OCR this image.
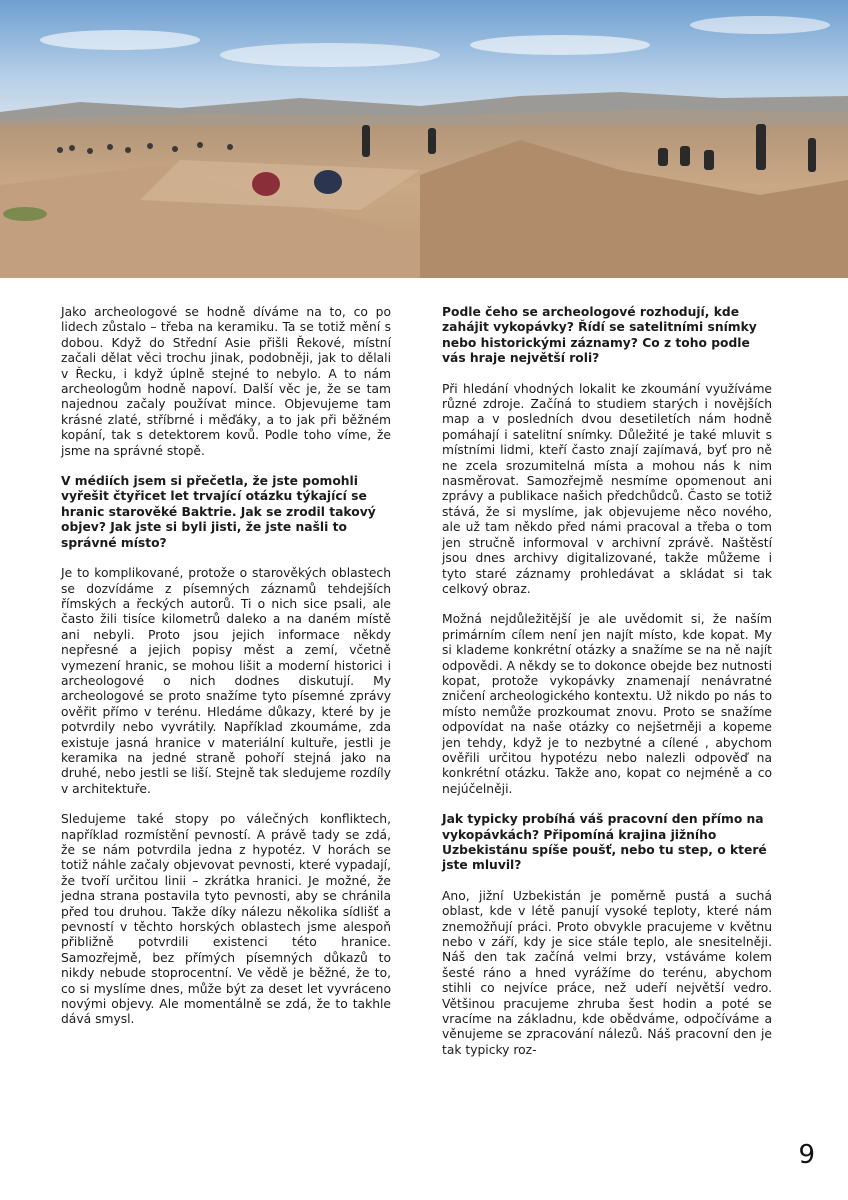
Jako archeologové se hodně díváme na to, co po lidech zůstalo – třeba na keramiku. Ta se totiž mění s dobou. Když do Střední Asie přišli Řekové, místní začali dělat věci trochu jinak, podobněji, jak to dělali v Řecku, i když úplně stejné to nebylo. A to nám archeologům hodně napoví. Další věc je, že se tam najednou začaly používat mince. Objevujeme tam krásné zlaté, stříbrné i měďáky, a to jak při běžném kopání, tak s detektorem kovů. Podle toho víme, že jsme na správné stopě.

V médiích jsem si přečetla, že jste pomohli vyřešit čtyřicet let trvající otázku týkající se hranic starověké Baktrie. Jak se zrodil takový objev? Jak jste si byli jisti, že jste našli to správné místo?

Je to komplikované, protože o starověkých oblastech se dozvídáme z písemných záznamů tehdejších římských a řeckých autorů. Ti o nich sice psali, ale často žili tisíce kilometrů daleko a na daném místě ani nebyli. Proto jsou jejich informace někdy nepřesné a jejich popisy měst a zemí, včetně vymezení hranic, se mohou lišit a moderní historici i archeologové o nich dodnes diskutují. My archeologové se proto snažíme tyto písemné zprávy ověřit přímo v terénu. Hledáme důkazy, které by je potvrdily nebo vyvrátily. Například zkoumáme, zda existuje jasná hranice v materiální kultuře, jestli je keramika na jedné straně pohoří stejná jako na druhé, nebo jestli se liší. Stejně tak sledujeme rozdíly v architektuře.

Sledujeme také stopy po válečných konfliktech, například rozmístění pevností. A právě tady se zdá, že se nám potvrdila jedna z hypotéz. V horách se totiž náhle začaly objevovat pevnosti, které vypadají, že tvoří určitou linii – zkrátka hranici. Je možné, že jedna strana postavila tyto pevnosti, aby se chránila před tou druhou. Takže díky nálezu několika sídlišť a pevností v těchto horských oblastech jsme alespoň přibližně potvrdili existenci této hranice. Samozřejmě, bez přímých písemných důkazů to nikdy nebude stoprocentní. Ve vědě je běžné, že to, co si myslíme dnes, může být za deset let vyvráceno novými objevy. Ale momentálně se zdá, že to takhle dává smysl.

Podle čeho se archeologové rozhodují, kde zahájit vykopávky? Řídí se satelitními snímky nebo historickými záznamy? Co z toho podle vás hraje největší roli?

Při hledání vhodných lokalit ke zkoumání využíváme různé zdroje. Začíná to studiem starých i novějších map a v posledních dvou desetiletích nám hodně pomáhají i satelitní snímky. Důležité je také mluvit s místními lidmi, kteří často znají zajímavá, byť pro ně ne zcela srozumitelná místa a mohou nás k nim nasměrovat. Samozřejmě nesmíme opomenout ani zprávy a publikace našich předchůdců. Často se totiž stává, že si myslíme, jak objevujeme něco nového, ale už tam někdo před námi pracoval a třeba o tom jen stručně informoval v archivní zprávě. Naštěstí jsou dnes archivy digitalizované, takže můžeme i tyto staré záznamy prohledávat a skládat si tak celkový obraz.

Možná nejdůležitější je ale uvědomit si, že naším primárním cílem není jen najít místo, kde kopat. My si klademe konkrétní otázky a snažíme se na ně najít odpovědi. A někdy se to dokonce obejde bez nutnosti kopat, protože vykopávky znamenají nenávratné zničení archeologického kontextu. Už nikdo po nás to místo nemůže prozkoumat znovu. Proto se snažíme odpovídat na naše otázky co nejšetrněji a kopeme jen tehdy, když je to nezbytné a cílené , abychom ověřili určitou hypotézu nebo nalezli odpověď na konkrétní otázku. Takže ano, kopat co nejméně a co nejúčelněji.

Jak typicky probíhá váš pracovní den přímo na vykopávkách? Připomíná krajina jižního Uzbekistánu spíše poušť, nebo tu step, o které jste mluvil?

Ano, jižní Uzbekistán je poměrně pustá a suchá oblast, kde v létě panují vysoké teploty, které nám znemožňují práci. Proto obvykle pracujeme v květnu nebo v září, kdy je sice stále teplo, ale snesitelněji. Náš den tak začíná velmi brzy, vstáváme kolem šesté ráno a hned vyrážíme do terénu, abychom stihli co nejvíce práce, než udeří největší vedro. Většinou pracujeme zhruba šest hodin a poté se vracíme na základnu, kde obědváme, odpočíváme a věnujeme se zpracování nálezů. Náš pracovní den je tak typicky roz-

9
